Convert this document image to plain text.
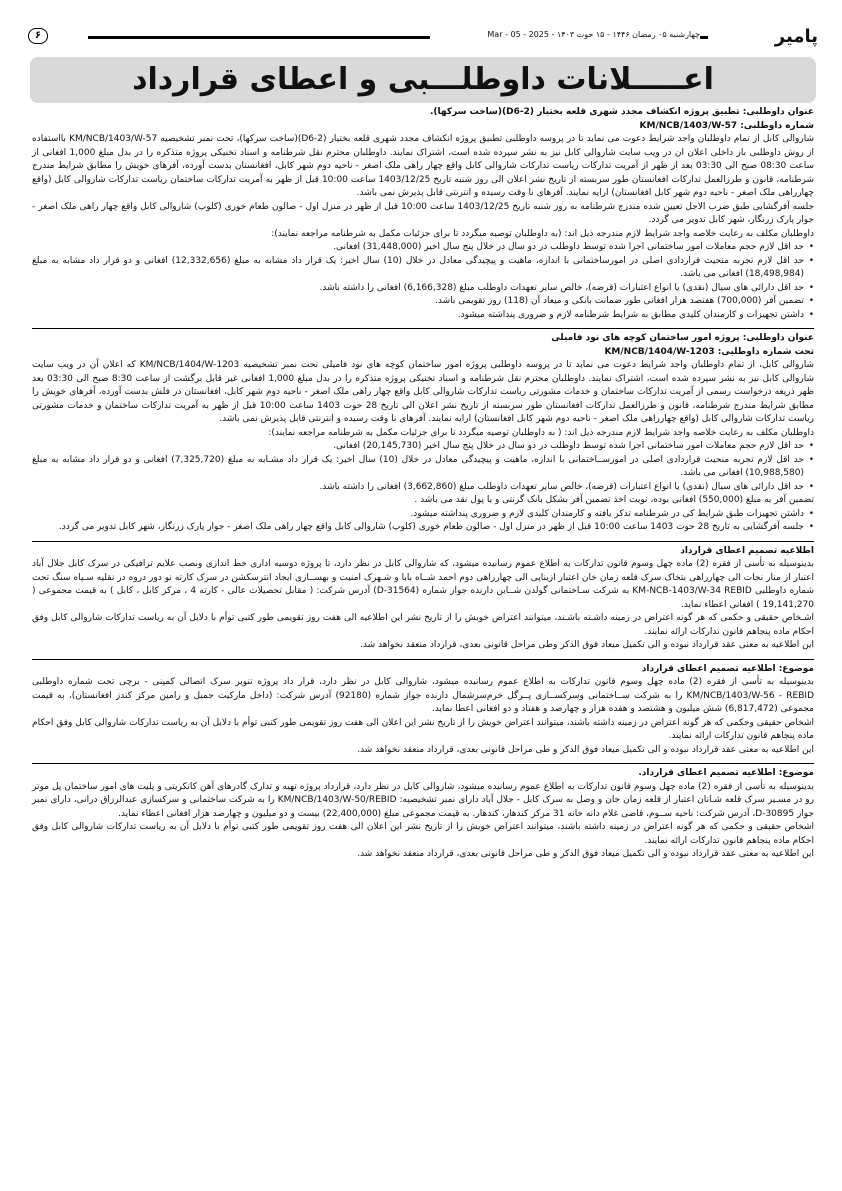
چهارشنبه ۰۵ رمضان ۱۴۴۶ - ۱۵ حوت ۱۴۰۳ - Mar - 05 - 2025	پامیر
۶
اعـــــلانات داوطلـــبی و اعطای قرارداد

عنوان داوطلبی: تطبیق پروژه انکشاف مجدد شهری قلعه بختیار (D6-2)(ساخت سرکها).

شماره داوطلبی: KM/NCB/1403/W-57

شاروالی کابل از تمام داوطلبان واجد شرایط دعوت می نماید تا در پروسه داوطلبی تطبیق پروژه انکشاف مجدد شهری قلعه بختیار (D6-2)(ساخت سرکها)، تحت نمبر تشخیصیه KM/NCB/1403/W-57 بااستفاده از روش داوطلبی باز داخلی اعلان ان در ویب سایت شاروالی کابل نیز به نشر سپرده شده است، اشتراک نمایند. داوطلبان محترم نقل شرطنامه و اسناد تخنیکی پروژه متذکره را در بدل مبلغ 1,000 افغانی از ساعت 08:30 صبح الی 03:30 بعد از ظهر از آمریت تدارکات ریاست تدارکات شاروالی کابل واقع چهار راهی ملک اصغر - ناحیه دوم شهر کابل، افغانستان بدست آورده، آفرهای خویش را مطابق شرایط مندرج شرطنامه، قانون و طرزالعمل تدارکات افغانستان طور سربسته از تاریخ نشر اعلان الی روز شنبه تاریخ 1403/12/25 ساعت 10:00 قبل از ظهر به آمریت تدارکات ساختمان ریاست تدارکات شاروالی کابل (واقع چهارراهی ملک اصغر - ناحیه دوم شهر کابل افغانستان) ارایه نمایند. آفرهای نا وقت رسیده و انترنتی قابل پذیرش نمی باشد.

جلسه آفرگشایی طبق ضرب الاجل تعیین شده مندرج شرطنامه به روز شنبه تاریخ 1403/12/25 ساعت 10:00 قبل از ظهر در منزل اول - صالون طعام خوری (کلوپ) شاروالی کابل واقع چهار راهی ملک اصغر - جوار پارک زرنگار، شهر کابل تدویر می گردد.

داوطلبان مکلف به رعایت خلاصه واجد شرایط لازم مندرجه ذیل اند: (به داوطلبان توصیه میگردد تا برای جزئیات مکمل به شرطنامه مراجعه نمایند):

• حد اقل لازم حجم معاملات امور ساختمانی اجرا شده توسط داوطلب در دو سال در خلال پنج سال اخیر (31,448,000) افغانی.

• حد اقل لازم تجربه منحیث قراردادی اصلی در امورساختمانی با اندازه، ماهیت و پیچیدگی معادل در خلال (10) سال اخیر: یک قرار داد مشابه به مبلغ (12,332,656) افغانی و دو قرار داد مشابه به مبلغ (18,498,984) افغانی می باشد.

• حد اقل دارائی های سیال (نقدی) یا انواع اعتبارات (قرضه)، خالص سایر تعهدات داوطلب مبلغ (6,166,328) افغانی را داشته باشد.

• تضمین آفر (700,000) هفتصد هزار افغانی طور ضمانت بانکی و میعاد آن (118) روز تقویمی باشد.

• داشتن تجهیزات و کارمندان کلیدی مطابق به شرایط شرطنامه لازم و ضروری پنداشته میشود.

عنوان داوطلبی: پروژه امور ساختمان کوچه های نود فامیلی

تحت شماره داوطلبی: KM/NCB/1404/W-1203

شاروالی کابل، از تمام داوطلبان واجد شرایط دعوت می نماید تا در پروسه داوطلبی پروژه امور ساختمان کوچه های نود فامیلی تحت نمبر تشخیصیه KM/NCB/1404/W-1203 که اعلان آن در ویب سایت شاروالی کابل نیز به نشر سپرده شده است، اشتراک نمایند. داوطلبان محترم نقل شرطنامه و اسناد تخنیکی پروژه متذکره را در بدل مبلغ 1,000 افغانی غیر قابل برگشت از ساعت 8:30 صبح الی 03:30 بعد ظهر ذریعه درخواست رسمی از آمریت تدارکات ساختمان و خدمات مشورتی ریاست تدارکات شاروالی کابل واقع چهار راهی ملک اصغر - ناحیه دوم شهر کابل، افغانستان در فلش بدست آورده، آفرهای خویش را مطابق شرایط مندرج شرطنامه، قانون و طرزالعمل تدارکات افغانستان طور سربسته از تاریخ نشر اعلان الی تاریخ 28 حوت 1403 ساعت 10:00 قبل از ظهر به آمریت تدارکات ساختمان و خدمات مشورتی ریاست تدارکات شاروالی کابل (واقع چهارراهی ملک اصغر - ناحیه دوم شهر کابل افغانستان) ارایه نمایند. آفرهای نا وقت رسیده و انترنتی قابل پذیرش نمی باشد.

داوطلبان مکلف به رعایت خلاصه واجد شرایط لازم مندرجه ذیل اند: ( به داوطلبان توصیه میگردد تا برای جزئیات مکمل به شرطنامه مراجعه نمایند):

• حد اقل لازم حجم معاملات امور ساختمانی اجرا شده توسط داوطلب در دو سال در خلال پنج سال اخیر (20,145,730) افغانی.

• حد اقل لازم تجربه منحیث قراردادی اصلی در امورســاختمانی با اندازه، ماهیت و پیچیدگی معادل در خلال (10) سال اخیر: یک قرار داد مشـابه به مبلغ (7,325,720) افغانی و دو قرار داد مشابه به مبلغ (10,988,580) افغانی می باشد.

• حد اقل دارائی های سیال (نقدی) یا انواع اعتبارات (قرضه)، خالص سایر تعهدات داوطلب مبلغ (3,662,860) افغانی را داشته باشد.

تضمین آفر به مبلغ (550,000) افغانی بوده، نویت اخذ تضمین آفر بشکل بانک گرنتی و یا پول نقد می باشد .

• داشتن تجهیزات طبق شرایط کی در شرطنامه تذکر یافته و کارمندان کلیدی لازم و ضروری پنداشته میشود.

• جلسه آفرگشایی به تاریخ 28 حوت 1403 ساعت 10:00 قبل از ظهر در منزل اول - صالون طعام خوری (کلوپ) شاروالی کابل واقع چهار راهی ملک اصغر - جوار پارک زرنگار، شهر کابل تدویر می گردد.

اطلاعیه تصمیم اعطای قرارداد

بدینوسیله به تأسی از فقره (2) ماده چهل وسوم قانون تدارکات به اطلاع عموم رسانیده میشود، که شاروالی کابل در نظر دارد، تا پروژه دوسیه اداری خط اندازی ونصب علایم ترافیکی در سرک کابل جلال آباد اعتبار از منار نجات الی چهارراهی بتخاک سرک قلعه زمان خان اعتبار ازیناپی الی چهارراهی دوم احمد شــاه بابا و شـهرک امنیت و بهســازی ایجاد انترسکشن در سرک کارته نو دور دروه در نقلیه سـپاه سنگ تحت شماره داوطلبی KM-NCB-1403/W-34 REBID به شرکت سـاختمانی گولدن شــاین دارنده جواز شماره (D-31564) آدرس شرکت: ( مقابل تحصیلات عالی - کارته 4 ، مرکز کابل ، کابل ) به قیمت مجموعی ( 19,141,270 ) افغانی اعطاء نماید.

اشـخاص حقیقی و حکمی که هر گونه اعتراض در زمینه داشـته باشـند، میتوانند اعتراض خویش را از تاریخ نشر این اطلاعیه الی هفت روز تقویمی طور کتبی توأم با دلایل آن به ریاست تدارکات شاروالی کابل وفق احکام ماده پنجاهم قانون تدارکات ارائه نمایند.

این اطلاعیه به معنی عقد قرارداد نبوده و الی تکمیل میعاد فوق الذکر وطی مراحل قانونی بعدی، قرارداد منعقد نخواهد شد.

موضوع: اطلاعیه تصمیم اعطای قرارداد

بدینوسیله به تأسی از فقره (2) ماده چهل وسوم قانون تدارکات به اطلاع عموم رسانیده میشود، شاروالی کابل در نظر دارد، قرار داد پروژه تنویر سرک اتصالی کمپنی - برچی تحت شماره داوطلبی KM/NCB/1403/W-56 - REBID را به شرکت ســاختمانی وسرکســازی پــرگل خرم‌سرشمال دارنده جواز شماره (92180) آدرس شرکت: (داخل مارکیت جمیل و رامین مرکز کندز افغانستان)، به قیمت مجموعی (6,817,472) شش میلیون و هشتصد و هفده هزار و چهارصد و هفتاد و دو افغانی اعطا نماید.

اشخاص حقیقی وحکمی که هر گونه اعتراض در زمینه داشته باشند، میتوانند اعتراض خویش را از تاریخ نشر این اعلان الی هفت روز تقویمی طور کتبی توأم با دلایل آن به ریاست تدارکات شاروالی کابل وفق احکام ماده پنجاهم قانون تدارکات ارائه نمایند.

این اطلاعیه به معنی عقد قرارداد نبوده و الی تکمیل میعاد فوق الذکر و طی مراحل قانونی بعدی، قرارداد منعقد نخواهد شد.

موضوع: اطلاعیه تصمیم اعطای قرارداد.

بدینوسیله به تأسی از فقره (2) ماده چهل وسوم قانون تدارکات به اطلاع عموم رسانیده میشود، شاروالی کابل در نظر دارد، قرارداد پروژه تهیه و تدارک گادرهای آهن کانکریتی و پلیت های امور ساختمان پل موتر رو در مسـیر سرک قلعه شـانان اعتبار از قلعه زمان خان و وصل به سرک کابل - جلال آباد دارای نمبر تشخیصیه: KM/NCB/1403/W-50/REBID را به شرکت ساختمانی و سرکسازی عبدالرزاق درانی، دارای نمبر جواز D-30895، آدرس شرکت: ناحیه ســوم، قاضی غلام دانه خانه 31 مرکز کندهار، کندهار. به قیمت مجموعی مبلغ (22,400,000) بیست و دو میلیون و چهارصد هزار افغانی اعطاء نماید.

اشخاص حقیقی و حکمی که هر گونه اعتراض در زمینه داشته باشند، میتوانند اعتراض خویش را از تاریخ نشر این اعلان الی هفت روز تقویمی طور کتبی توأم با دلایل آن به ریاست تدارکات شاروالی کابل وفق احکام ماده پنجاهم قانون تدارکات ارائه نمایند.

این اطلاعیه به معنی عقد قرارداد نبوده و الی تکمیل میعاد فوق الذکر و طی مراحل قانونی بعدی، قرارداد منعقد نخواهد شد.
